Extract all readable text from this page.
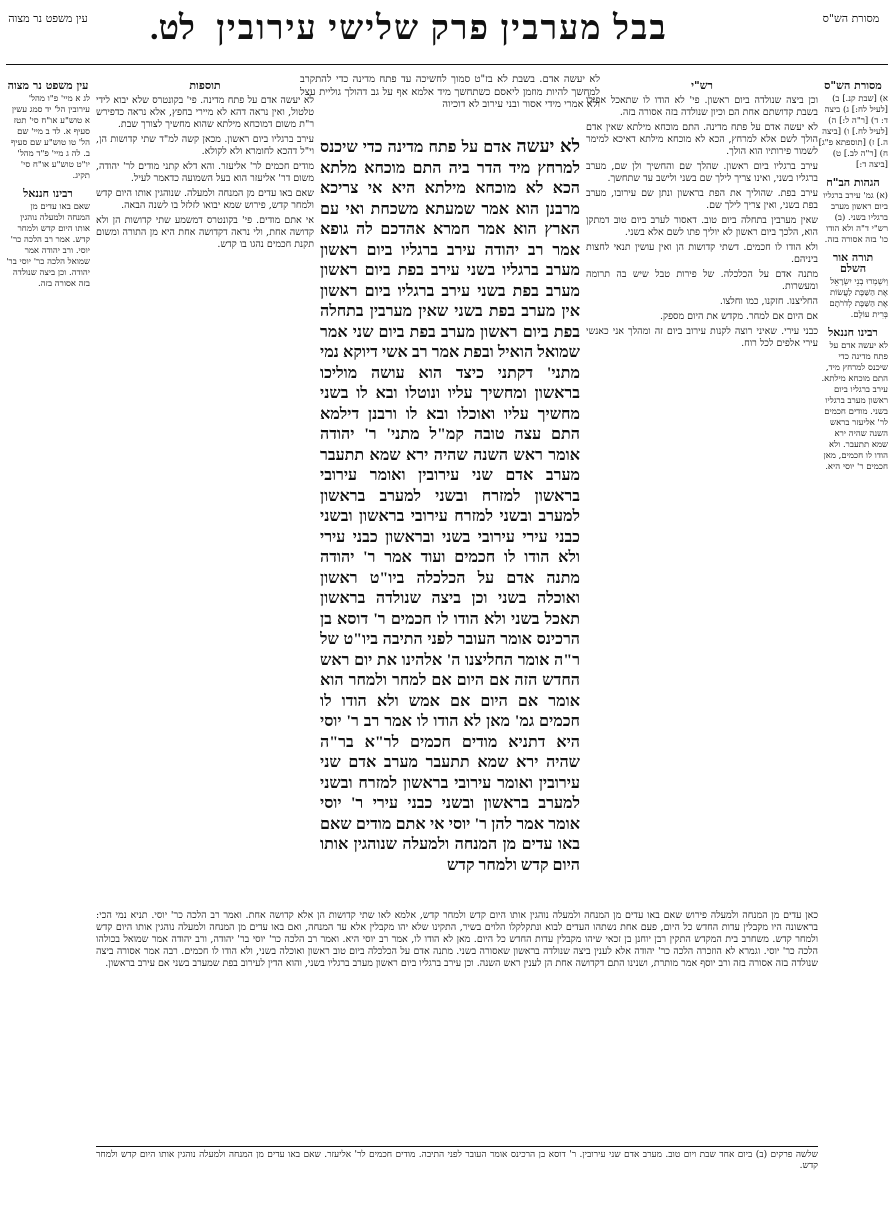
מסורת הש"ס
בבל מערבין פרק שלישי עירובין
לט.
עין משפט נר מצוה
מסורת הש"ס
א) [שבת קנ.] ב) [לעיל לח:] ג) ביצה ד: ד) [ר"ה ל:] ה) [לעיל לח.] ו) [ביצה ה.] ז) [תוספתא פ"ג] ח) [ר"ה לב.] ט) [ביצה ד:]
הגהות הב"ח
(א) גמ' עירב ברגליו ביום ראשון מערב ברגליו בשני. (ב) רש"י ד"ה ולא הודו כו' בזה אסורה בזה.
תורה אור השלם
וְיִשְׁמְרוּ בְנֵי יִשְׂרָאֵל אֶת הַשַּׁבָּת לַעֲשׂוֹת אֶת הַשַּׁבָּת לְדֹרֹתָם בְּרִית עוֹלָם.
רבינו חננאל
לא יעשה אדם על פתח מדינה כדי שיכנס למרחץ מיד, התם מוכחא מילתא. עירב ברגליו ביום ראשון מערב ברגליו בשני. מודים חכמים לר' אליעזר בראש השנה שהיה ירא שמא תתעבר. ולא הודו לו חכמים, מאן חכמים ר' יוסי היא.
רש"י

וכן ביצה שנולדה ביום ראשון. פי' לא הודו לו שתאכל אפילו בשבת קדושתם אחת הם וכיון שנולדה בזה אסורה בזה.

לא יעשה אדם על פתח מדינה. התם מוכחא מילתא שאין אדם הולך לשם אלא למרחץ, הכא לא מוכחא מילתא דאיכא למימר לשמור פירותיו הוא הולך.

עירב ברגליו ביום ראשון. שהלך שם והחשיך ולן שם, מערב ברגליו בשני, ואינו צריך לילך שם בשני ולישב עד שתחשך.

עירב בפת. שהוליך את הפת בראשון ונתן שם עירובו, מערב בפת בשני, ואין צריך לילך שם.

שאין מערבין בתחלה ביום טוב. דאסור לערב ביום טוב דמתקן הוא, הלכך ביום ראשון לא יוליך פתו לשם אלא בשני.

ולא הודו לו חכמים. דשתי קדושות הן ואין עושין תנאי לחצות ביניהם.

מתנה אדם על הכלכלה. של פירות טבל שיש בה תרומה ומעשרות.

החליצנו. חזקנו, כמו וחלצו.

אם היום אם למחר. מקדש את היום מספק.

כבני עירי. שאיני רוצה לקנות עירוב ביום זה ומהלך אני כאנשי עירי אלפים לכל רוח.

לא יעשה אדם. בשבת לא בז"ט סמוך לחשיכה עד פתח מדינה כדי להתקרב למחשך להיות מוזמן ליאסם כשתחשך מיד אלמא אף על גב דהולך גוליית עצל ולא אמרי מידי אסור ובני עירוב לא דוכיוה
לא יעשה אדם על פתח מדינה כדי שיכנס למרחץ מיד הדר ביה התם מוכחא מלתא הכא לא מוכחא מילתא היא אי צריכא מרבנן הוא אמר שמעתא משכחת ואי עם הארץ הוא אמר חמרא אהדכם לה גופא אמר רב יהודה עירב ברגליו ביום ראשון מערב ברגליו בשני עירב בפת ביום ראשון מערב בפת בשני עירב ברגליו ביום ראשון אין מערב בפת בשני שאין מערבין בתחלה בפת ביום ראשון מערב בפת ביום שני אמר שמואל הואיל ובפת אמר רב אשי דיוקא נמי מתני' דקתני כיצד הוא עושה מוליכו בראשון ומחשיך עליו ונוטלו ובא לו בשני מחשיך עליו ואוכלו ובא לו ורבנן דילמא התם עצה טובה קמ"ל מתני' ר' יהודה אומר ראש השנה שהיה ירא שמא תתעבר מערב אדם שני עירובין ואומר עירובי בראשון למזרח ובשני למערב בראשון למערב ובשני למזרח עירובי בראשון ובשני כבני עירי עירובי בשני ובראשון כבני עירי ולא הודו לו חכמים ועוד אמר ר' יהודה מתנה אדם על הכלכלה ביו"ט ראשון ואוכלה בשני וכן ביצה שנולדה בראשון תאכל בשני ולא הודו לו חכמים ר' דוסא בן הרכינס אומר העובר לפני התיבה ביו"ט של ר"ה אומר החליצנו ה' אלהינו את יום ראש החדש הזה אם היום אם למחר ולמחר הוא אומר אם היום אם אמש ולא הודו לו חכמים גמ' מאן לא הודו לו אמר רב ר' יוסי היא דתניא מודים חכמים לר"א בר"ה שהיה ירא שמא תתעבר מערב אדם שני עירובין ואומר עירובי בראשון למזרח ובשני למערב בראשון ובשני כבני עירי ר' יוסי אומר אמר להן ר' יוסי אי אתם מודים שאם באו עדים מן המנחה ולמעלה שנוהגין אותו היום קדש ולמחר קדש
תוספות

לא יעשה אדם על פתח מדינה. פי' בקונטרס שלא יבוא לידי טלטול, ואין נראה דהא לא מיירי בחפץ, אלא נראה כדפירש ר"ת משום דמוכחא מילתא שהוא מחשיך לצורך שבת.

עירב ברגליו ביום ראשון. מכאן קשה למ"ד שתי קדושות הן, וי"ל דהכא לחומרא ולא לקולא.

מודים חכמים לר' אליעזר. והא דלא קתני מודים לר' יהודה, משום דר' אליעזר הוא בעל השמועה כדאמר לעיל.

שאם באו עדים מן המנחה ולמעלה. שנוהגין אותו היום קדש ולמחר קדש, פירוש שמא יבואו לזלזל בו לשנה הבאה.

אי אתם מודים. פי' בקונטרס דמשמע שתי קדושות הן ולא קדושה אחת, ולי נראה דקדושה אחת היא מן התורה ומשום תקנת חכמים נהגו בו קדש.

עין משפט נר מצוה
לג א מיי' פ"ו מהל' עירובין הל' יד סמג עשין א טוש"ע או"ח סי' תטז סעיף א. לד ב מיי' שם הל' טו טוש"ע שם סעיף ב. לה ג מיי' פ"ד מהל' יו"ט טוש"ע או"ח סי' תקיג.
רבינו חננאל
שאם באו עדים מן המנחה ולמעלה נוהגין אותו היום קדש ולמחר קדש. אמר רב הלכה כר' יוסי. ורב יהודה אמר שמואל הלכה כר' יוסי בר' יהודה. וכן ביצה שנולדה בזה אסורה בזה.
כאן עדים מן המנחה ולמעלה פירוש שאם באו עדים מן המנחה ולמעלה נוהגין אותו היום קדש ולמחר קדש, אלמא לאו שתי קדושות הן אלא קדושה אחת. ואמר רב הלכה כר' יוסי. תניא נמי הכי: בראשונה היו מקבלין עדות החדש כל היום, פעם אחת נשתהו העדים לבוא ונתקלקלו הלוים בשיר, התקינו שלא יהו מקבלין אלא עד המנחה, ואם באו עדים מן המנחה ולמעלה נוהגין אותו היום קדש ולמחר קדש. משחרב בית המקדש התקין רבן יוחנן בן זכאי שיהו מקבלין עדות החדש כל היום. מאן לא הודו לו, אמר רב יוסי היא. ואמר רב הלכה כר' יוסי בר' יהודה, ורב יהודה אמר שמואל בכולהו הלכה כר' יוסי. וגמרא לא הוזכרה הלכה כר' יהודה אלא לענין ביצה שנולדה בראשון שאסורה בשני. מתנה אדם על הכלכלה ביום טוב ראשון ואוכלה בשני, ולא הודו לו חכמים. רבה אמר אסורה ביצה שנולדה בזה אסורה בזה ורב יוסף אמר מותרת, ושנינו התם דקדושה אחת הן לענין ראש השנה. וכן עירב ברגליו ביום ראשון מערב ברגליו בשני, והוא הדין לעירוב בפת שמערב בשני אם עירב בראשון.
שלשה פרקים (ב) ביום אחד שבת ויום טוב. מערב אדם שני עירובין. ר' דוסא בן הרכינס אומר העובר לפני התיבה. מודים חכמים לר' אליעזר. שאם באו עדים מן המנחה ולמעלה נוהגין אותו היום קדש ולמחר קדש.
